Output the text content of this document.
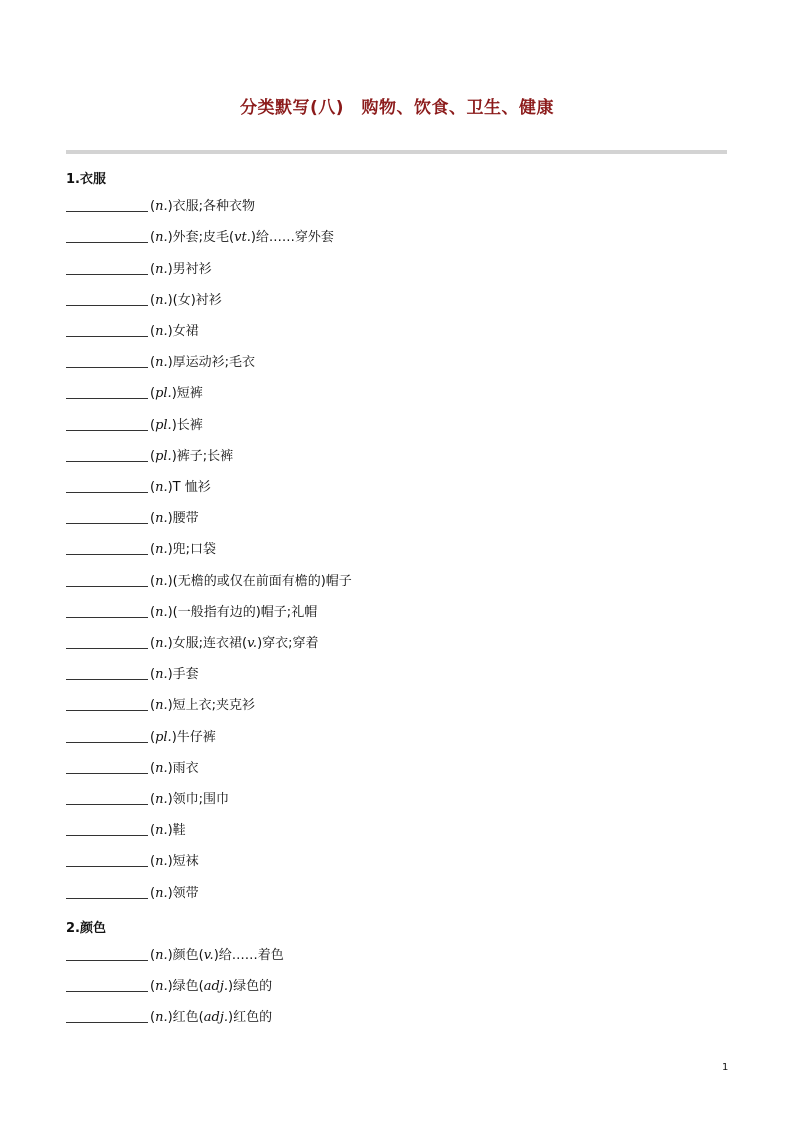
分类默写(八)　购物、饮食、卫生、健康
1.衣服
(n.)衣服;各种衣物
(n.)外套;皮毛(vt.)给……穿外套
(n.)男衬衫
(n.)(女)衬衫
(n.)女裙
(n.)厚运动衫;毛衣
(pl.)短裤
(pl.)长裤
(pl.)裤子;长裤
(n.)T 恤衫
(n.)腰带
(n.)兜;口袋
(n.)(无檐的或仅在前面有檐的)帽子
(n.)(一般指有边的)帽子;礼帽
(n.)女服;连衣裙(v.)穿衣;穿着
(n.)手套
(n.)短上衣;夹克衫
(pl.)牛仔裤
(n.)雨衣
(n.)领巾;围巾
(n.)鞋
(n.)短袜
(n.)领带
2.颜色
(n.)颜色(v.)给……着色
(n.)绿色(adj.)绿色的
(n.)红色(adj.)红色的
1
